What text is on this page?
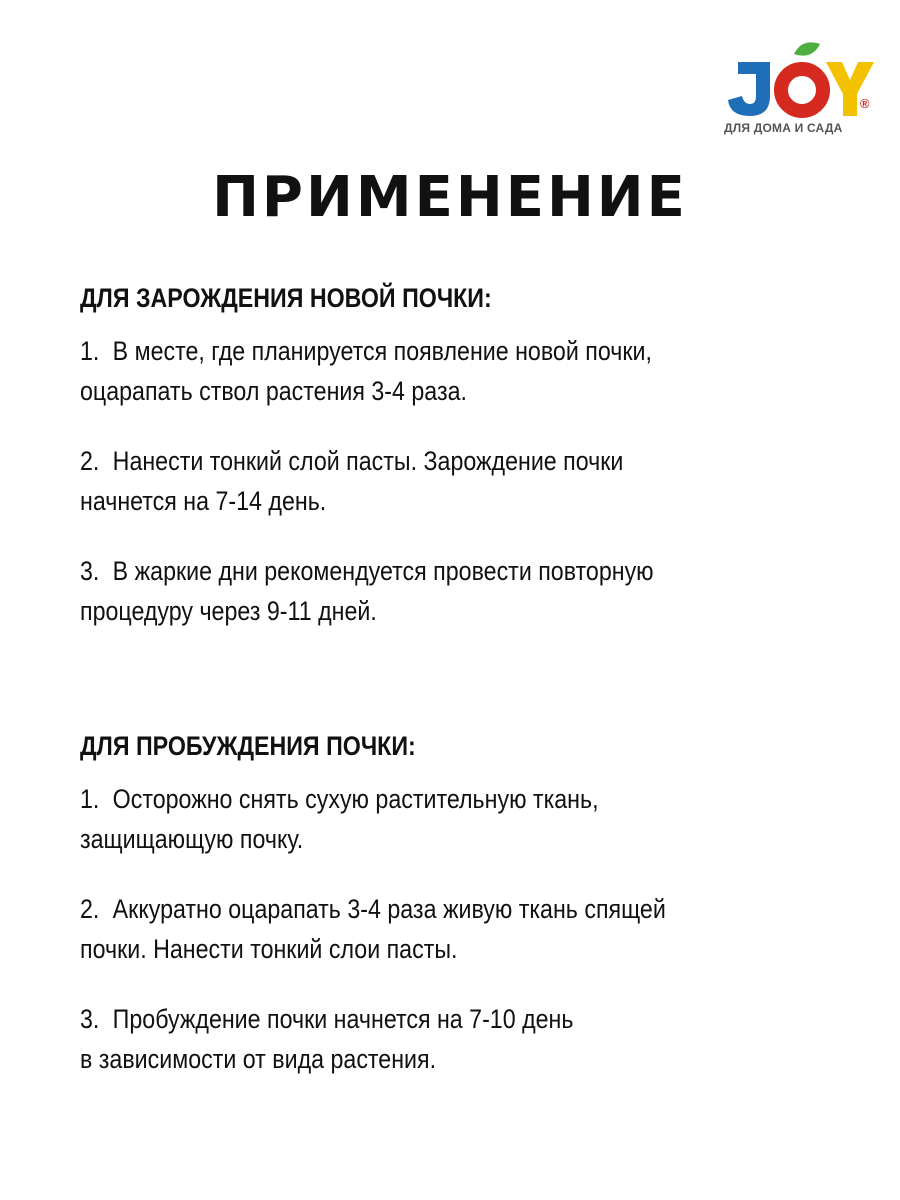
®
ДЛЯ ДОМА И САДА
ПРИМЕНЕНИЕ
ДЛЯ ЗАРОЖДЕНИЯ НОВОЙ ПОЧКИ:
1. В месте, где планируется появление новой почки,
оцарапать ствол растения 3-4 раза.
2. Нанести тонкий слой пасты. Зарождение почки
начнется на 7-14 день.
3. В жаркие дни рекомендуется провести повторную
процедуру через 9-11 дней.
ДЛЯ ПРОБУЖДЕНИЯ ПОЧКИ:
1. Осторожно снять сухую растительную ткань,
защищающую почку.
2. Аккуратно оцарапать 3-4 раза живую ткань спящей
почки. Нанести тонкий слои пасты.
3. Пробуждение почки начнется на 7-10 день
в зависимости от вида растения.
